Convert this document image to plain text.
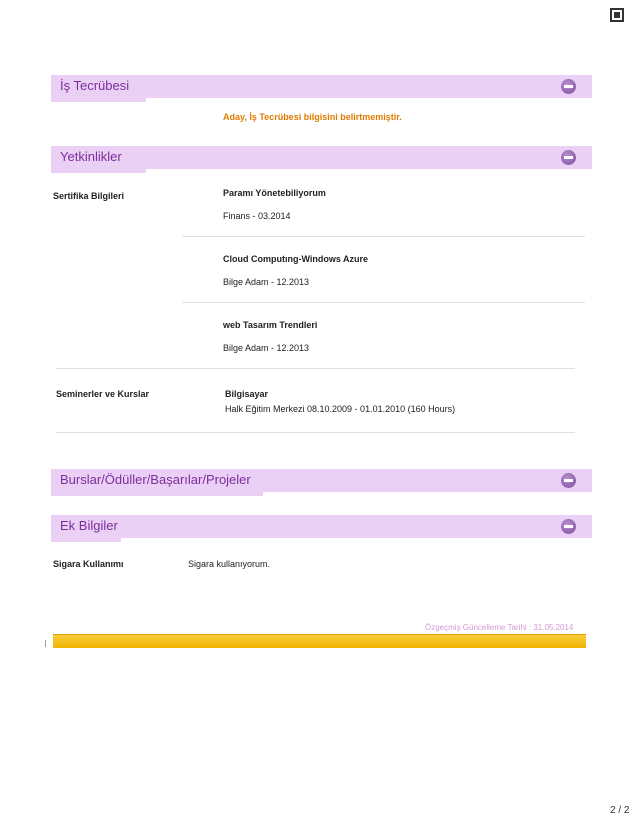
İş Tecrübesi
Aday, İş Tecrübesi bilgisini belirtmemiştir.
Yetkinlikler
Sertifika Bilgileri	Paramı Yönetebiliyorum
Finans - 03.2014
Cloud Computıng-Windows Azure
Bilge Adam - 12.2013
web Tasarım Trendleri
Bilge Adam - 12.2013
Seminerler ve Kurslar	Bilgisayar
Halk Eğitim Merkezi 08.10.2009 - 01.01.2010 (160 Hours)
Burslar/Ödüller/Başarılar/Projeler
Ek Bilgiler
Sigara Kullanımı	Sigara kullanıyorum.
Özgeçmiş Güncelleme Tarihi : 31.05.2014
2 / 2
